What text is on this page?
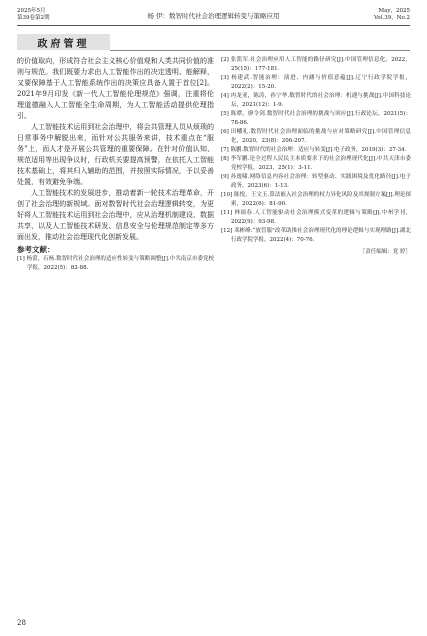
2025年5月
第39卷第2期	杨 伊：数智时代社会治理逻辑转变与策略应用
May，2025
Vol.39，No.2
政府管理

的价值取向，形成符合社会主义核心价值观和人类共同价值的准则与规范。我们既要力求由人工智能作出的决定透明、能解释，又要保障基于人工智能系统作出的决策应具备人置于首位[2]。2021年9月印发《新一代人工智能伦理规范》强调，注重将伦理道德融入人工智能全生命周期，为人工智能活动提供伦理指引。

人工智能技术运用到社会治理中，将会共管理人员从烦琐的日常事务中解脱出来，而针对公共服务来讲，技术重点在“服务”上，而人才是开展公共管理的重要保障。在针对价值认知、规范适用等出现争议时，行政机关要提高预警，在依托人工智能技术基础上，将其归入辅助的范围，并按照实际情况，予以妥善处置，有效避免争端。

人工智能技术的发展进步，推动着新一轮技术治理革命，开创了社会治理的新规域。面对数智时代社会治理逻辑转变，为更好将人工智能技术运用到社会治理中，应从治理机制建设、数据共享，以及人工智能技术研发、信息安全与伦理规范制定等多方面出发，推动社会治理现代化创新发展。

参考文献：

[1] 杨蕾，石杨.数智时代社会治理的适应性转变与策略调整[J].中共南京市委党校学报，2022(5)：82-88.

[2] 张凯军.社会治理应用人工智能的路径研究[J].中国管理信息化，2022，25(15)：177-181.

[3] 杨建武.智能治理：演进、内涵与价值意蕴[J].辽宁行政学院学报，2022(2)：15-20.

[4] 冉龙亚，陈涛，孙宁华.数智时代的社会治理：机遇与挑战[J].中国科技论坛，2021(12)：1-9.

[5] 陈潭，廖令剑.数智时代社会治理的挑战与回应[J].行政论坛，2021(5)：78-86.

[6] 田幡礼.数智时代社会治理面临的挑战与应对策略研究[J].中国管理信息化，2020，23(8)：206-207.

[7] 陈鹏.数智时代的社会治理：适应与转变[J].电子政务，2019(3)：27-34.

[8] 李军鹏.论全过程人民民主本质要求下的社会治理现代化[J].中共天津市委党校学报，2023，25(1)：3-11.

[9] 孙逸啸.网络信息内容社会治理：转型驱动、实践困境及优化路径[J].电子政务，2023(6)：1-13.

[10] 陈悦，王文玉.算法嵌入社会治理的权力异化风险及其规制方案[J].理论探索，2022(6)：81-90.

[11] 林闽春.人工智能驱动社会治理模式变革的逻辑与策略[J].中州学刊，2022(9)：93-98.

[12] 邓彬峰.“放管服”改革助推社会治理现代化的理论逻辑与实现理路[J].湖北行政学院学报，2022(4)：70-76.

［责任编辑：党 婷］
28
